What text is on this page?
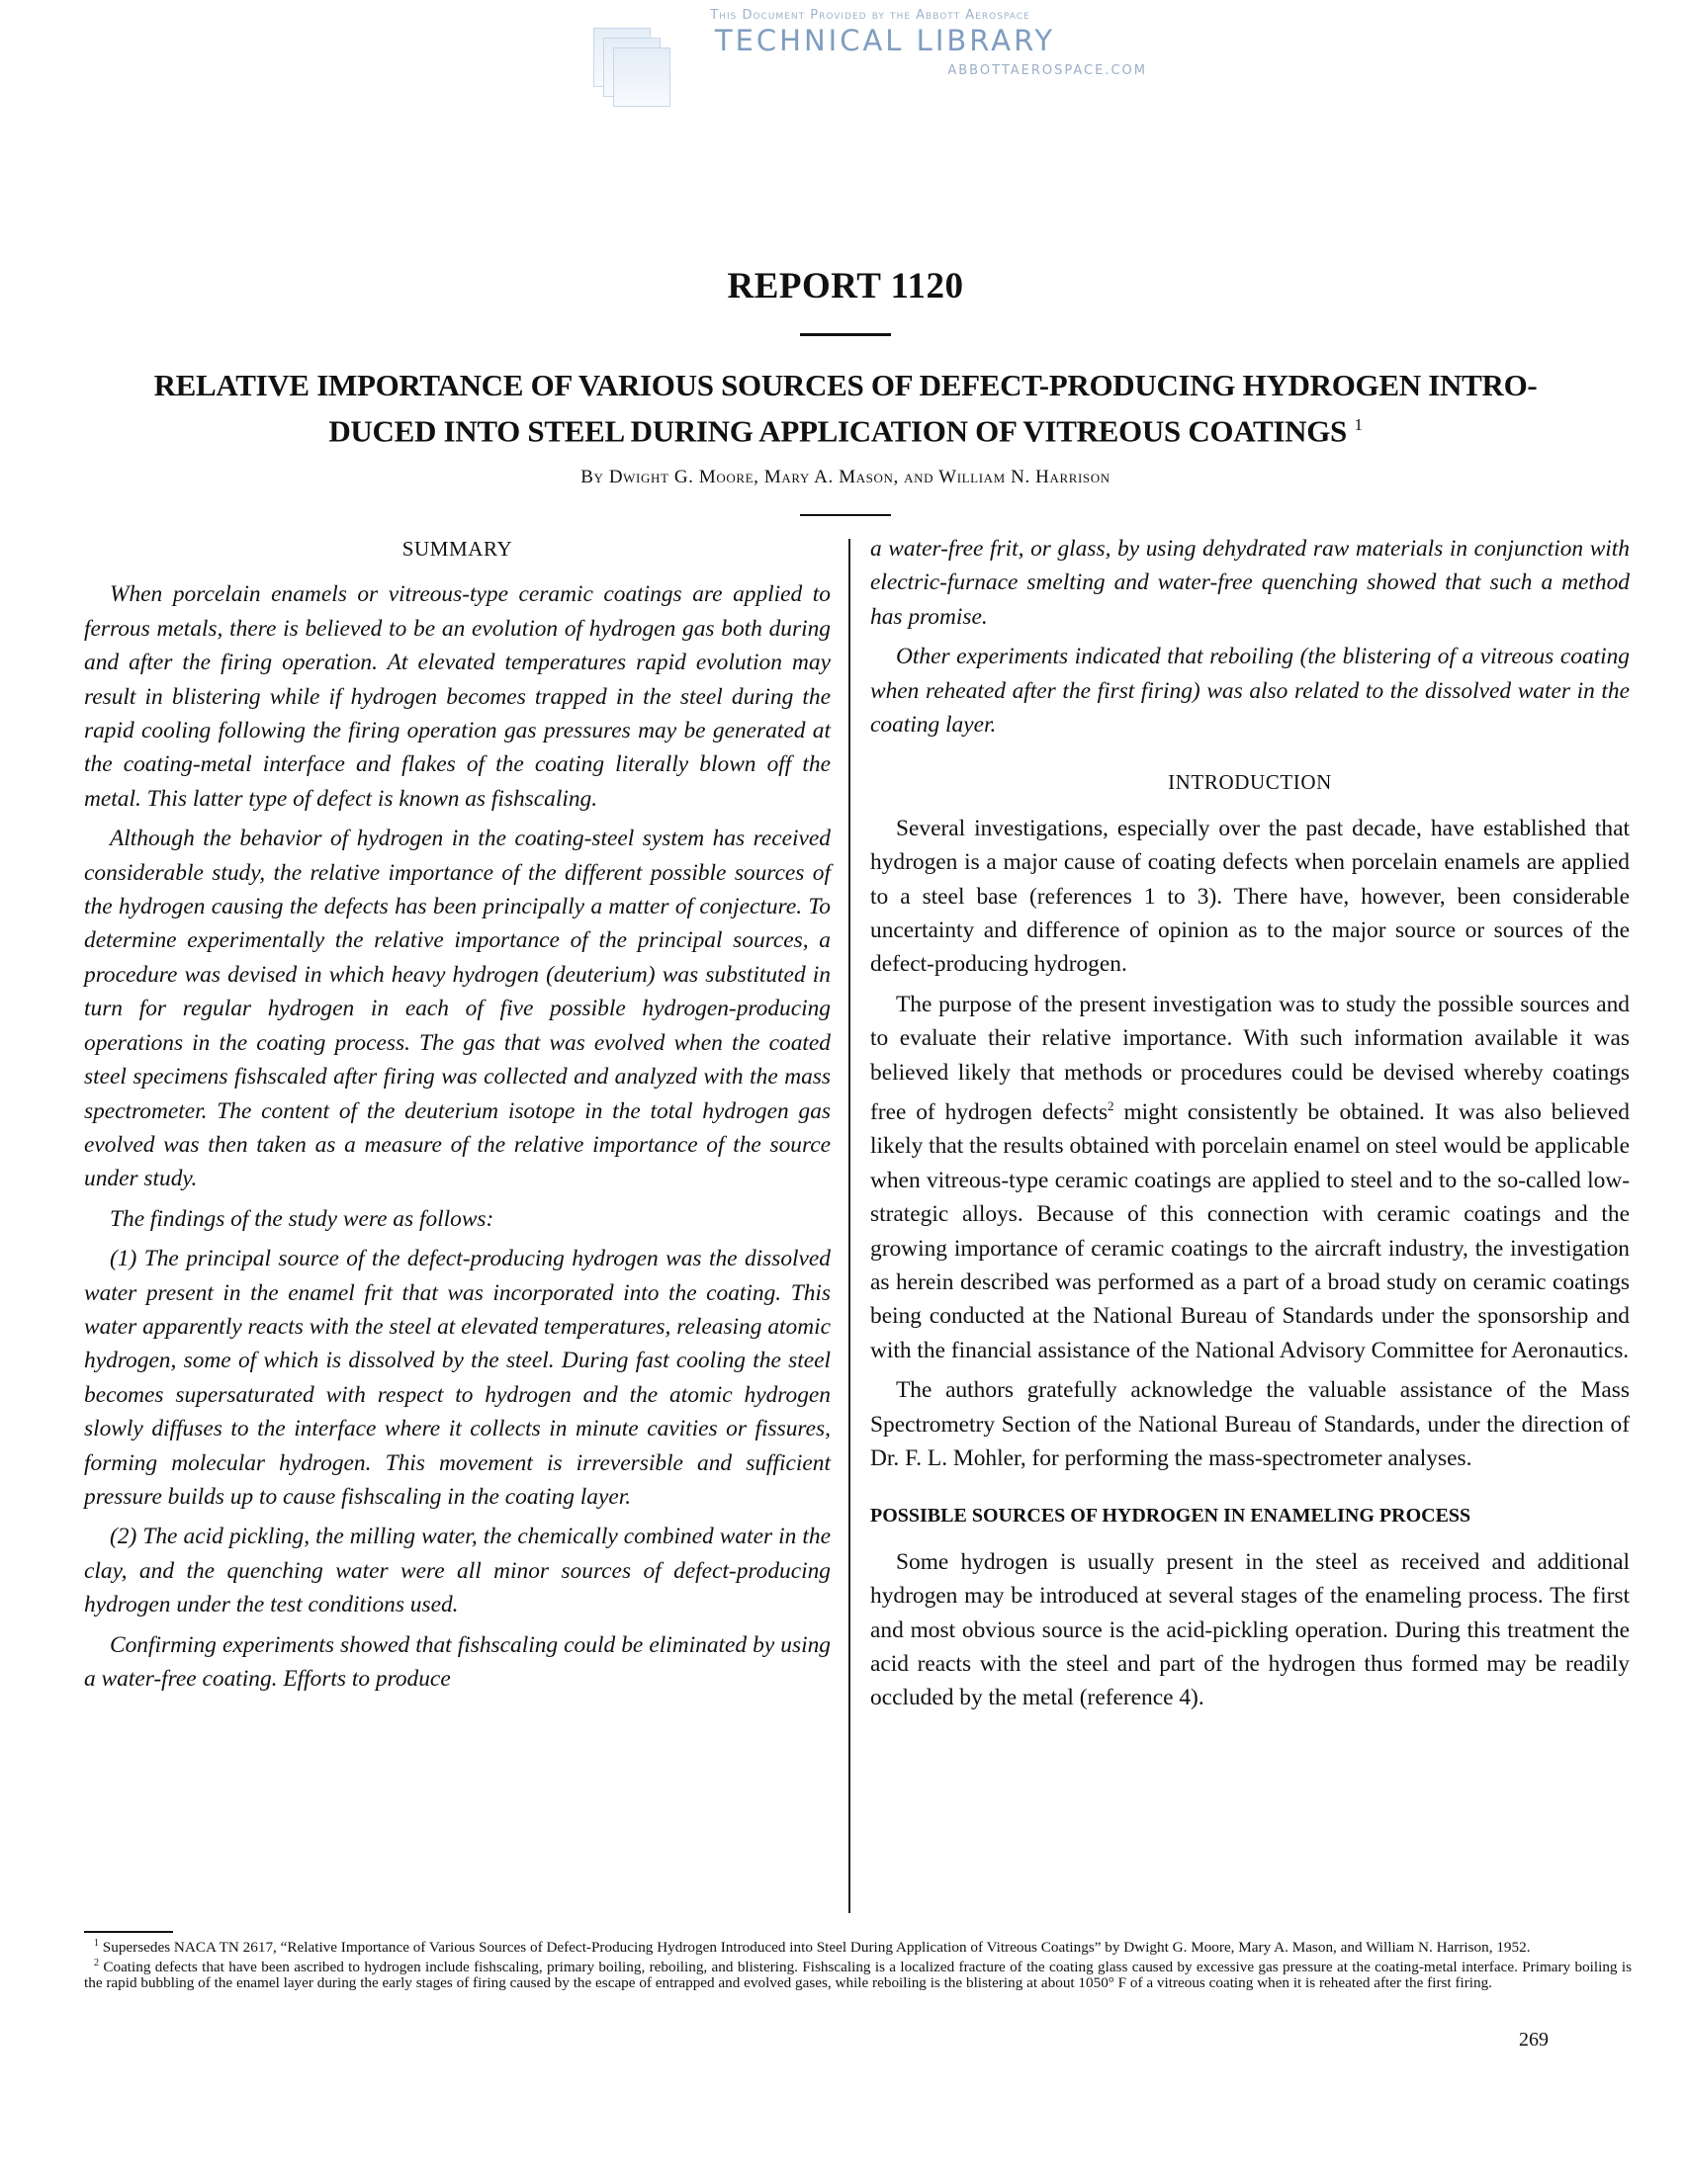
This Document Provided by the Abbott Aerospace
TECHNICAL LIBRARY
ABBOTTAEROSPACE.COM
REPORT 1120
RELATIVE IMPORTANCE OF VARIOUS SOURCES OF DEFECT-PRODUCING HYDROGEN INTRO-
DUCED INTO STEEL DURING APPLICATION OF VITREOUS COATINGS $^1$
By Dwight G. Moore, Mary A. Mason, and William N. Harrison
SUMMARY

When porcelain enamels or vitreous-type ceramic coatings are applied to ferrous metals, there is believed to be an evolution of hydrogen gas both during and after the firing operation. At elevated temperatures rapid evolution may result in blistering while if hydrogen becomes trapped in the steel during the rapid cooling following the firing operation gas pressures may be generated at the coating-metal interface and flakes of the coating literally blown off the metal. This latter type of defect is known as fishscaling.

Although the behavior of hydrogen in the coating-steel system has received considerable study, the relative importance of the different possible sources of the hydrogen causing the defects has been principally a matter of conjecture. To determine experimentally the relative importance of the principal sources, a procedure was devised in which heavy hydrogen (deuterium) was substituted in turn for regular hydrogen in each of five possible hydrogen-producing operations in the coating process. The gas that was evolved when the coated steel specimens fishscaled after firing was collected and analyzed with the mass spectrometer. The content of the deuterium isotope in the total hydrogen gas evolved was then taken as a measure of the relative importance of the source under study.

The findings of the study were as follows:

(1) The principal source of the defect-producing hydrogen was the dissolved water present in the enamel frit that was incorporated into the coating. This water apparently reacts with the steel at elevated temperatures, releasing atomic hydrogen, some of which is dissolved by the steel. During fast cooling the steel becomes supersaturated with respect to hydrogen and the atomic hydrogen slowly diffuses to the interface where it collects in minute cavities or fissures, forming molecular hydrogen. This movement is irreversible and sufficient pressure builds up to cause fishscaling in the coating layer.

(2) The acid pickling, the milling water, the chemically combined water in the clay, and the quenching water were all minor sources of defect-producing hydrogen under the test conditions used.

Confirming experiments showed that fishscaling could be eliminated by using a water-free coating. Efforts to produce

a water-free frit, or glass, by using dehydrated raw materials in conjunction with electric-furnace smelting and water-free quenching showed that such a method has promise.

Other experiments indicated that reboiling (the blistering of a vitreous coating when reheated after the first firing) was also related to the dissolved water in the coating layer.

INTRODUCTION

Several investigations, especially over the past decade, have established that hydrogen is a major cause of coating defects when porcelain enamels are applied to a steel base (references 1 to 3). There have, however, been considerable uncertainty and difference of opinion as to the major source or sources of the defect-producing hydrogen.

The purpose of the present investigation was to study the possible sources and to evaluate their relative importance. With such information available it was believed likely that methods or procedures could be devised whereby coatings free of hydrogen defects$^2$ might consistently be obtained. It was also believed likely that the results obtained with porcelain enamel on steel would be applicable when vitreous-type ceramic coatings are applied to steel and to the so-called low-strategic alloys. Because of this connection with ceramic coatings and the growing importance of ceramic coatings to the aircraft industry, the investigation as herein described was performed as a part of a broad study on ceramic coatings being conducted at the National Bureau of Standards under the sponsorship and with the financial assistance of the National Advisory Committee for Aeronautics.

The authors gratefully acknowledge the valuable assistance of the Mass Spectrometry Section of the National Bureau of Standards, under the direction of Dr. F. L. Mohler, for performing the mass-spectrometer analyses.

POSSIBLE SOURCES OF HYDROGEN IN ENAMELING PROCESS

Some hydrogen is usually present in the steel as received and additional hydrogen may be introduced at several stages of the enameling process. The first and most obvious source is the acid-pickling operation. During this treatment the acid reacts with the steel and part of the hydrogen thus formed may be readily occluded by the metal (reference 4).

$^1$ Supersedes NACA TN 2617, “Relative Importance of Various Sources of Defect-Producing Hydrogen Introduced into Steel During Application of Vitreous Coatings” by Dwight G. Moore, Mary A. Mason, and William N. Harrison, 1952.

$^2$ Coating defects that have been ascribed to hydrogen include fishscaling, primary boiling, reboiling, and blistering. Fishscaling is a localized fracture of the coating glass caused by excessive gas pressure at the coating-metal interface. Primary boiling is the rapid bubbling of the enamel layer during the early stages of firing caused by the escape of entrapped and evolved gases, while reboiling is the blistering at about 1050° F of a vitreous coating when it is reheated after the first firing.

269
